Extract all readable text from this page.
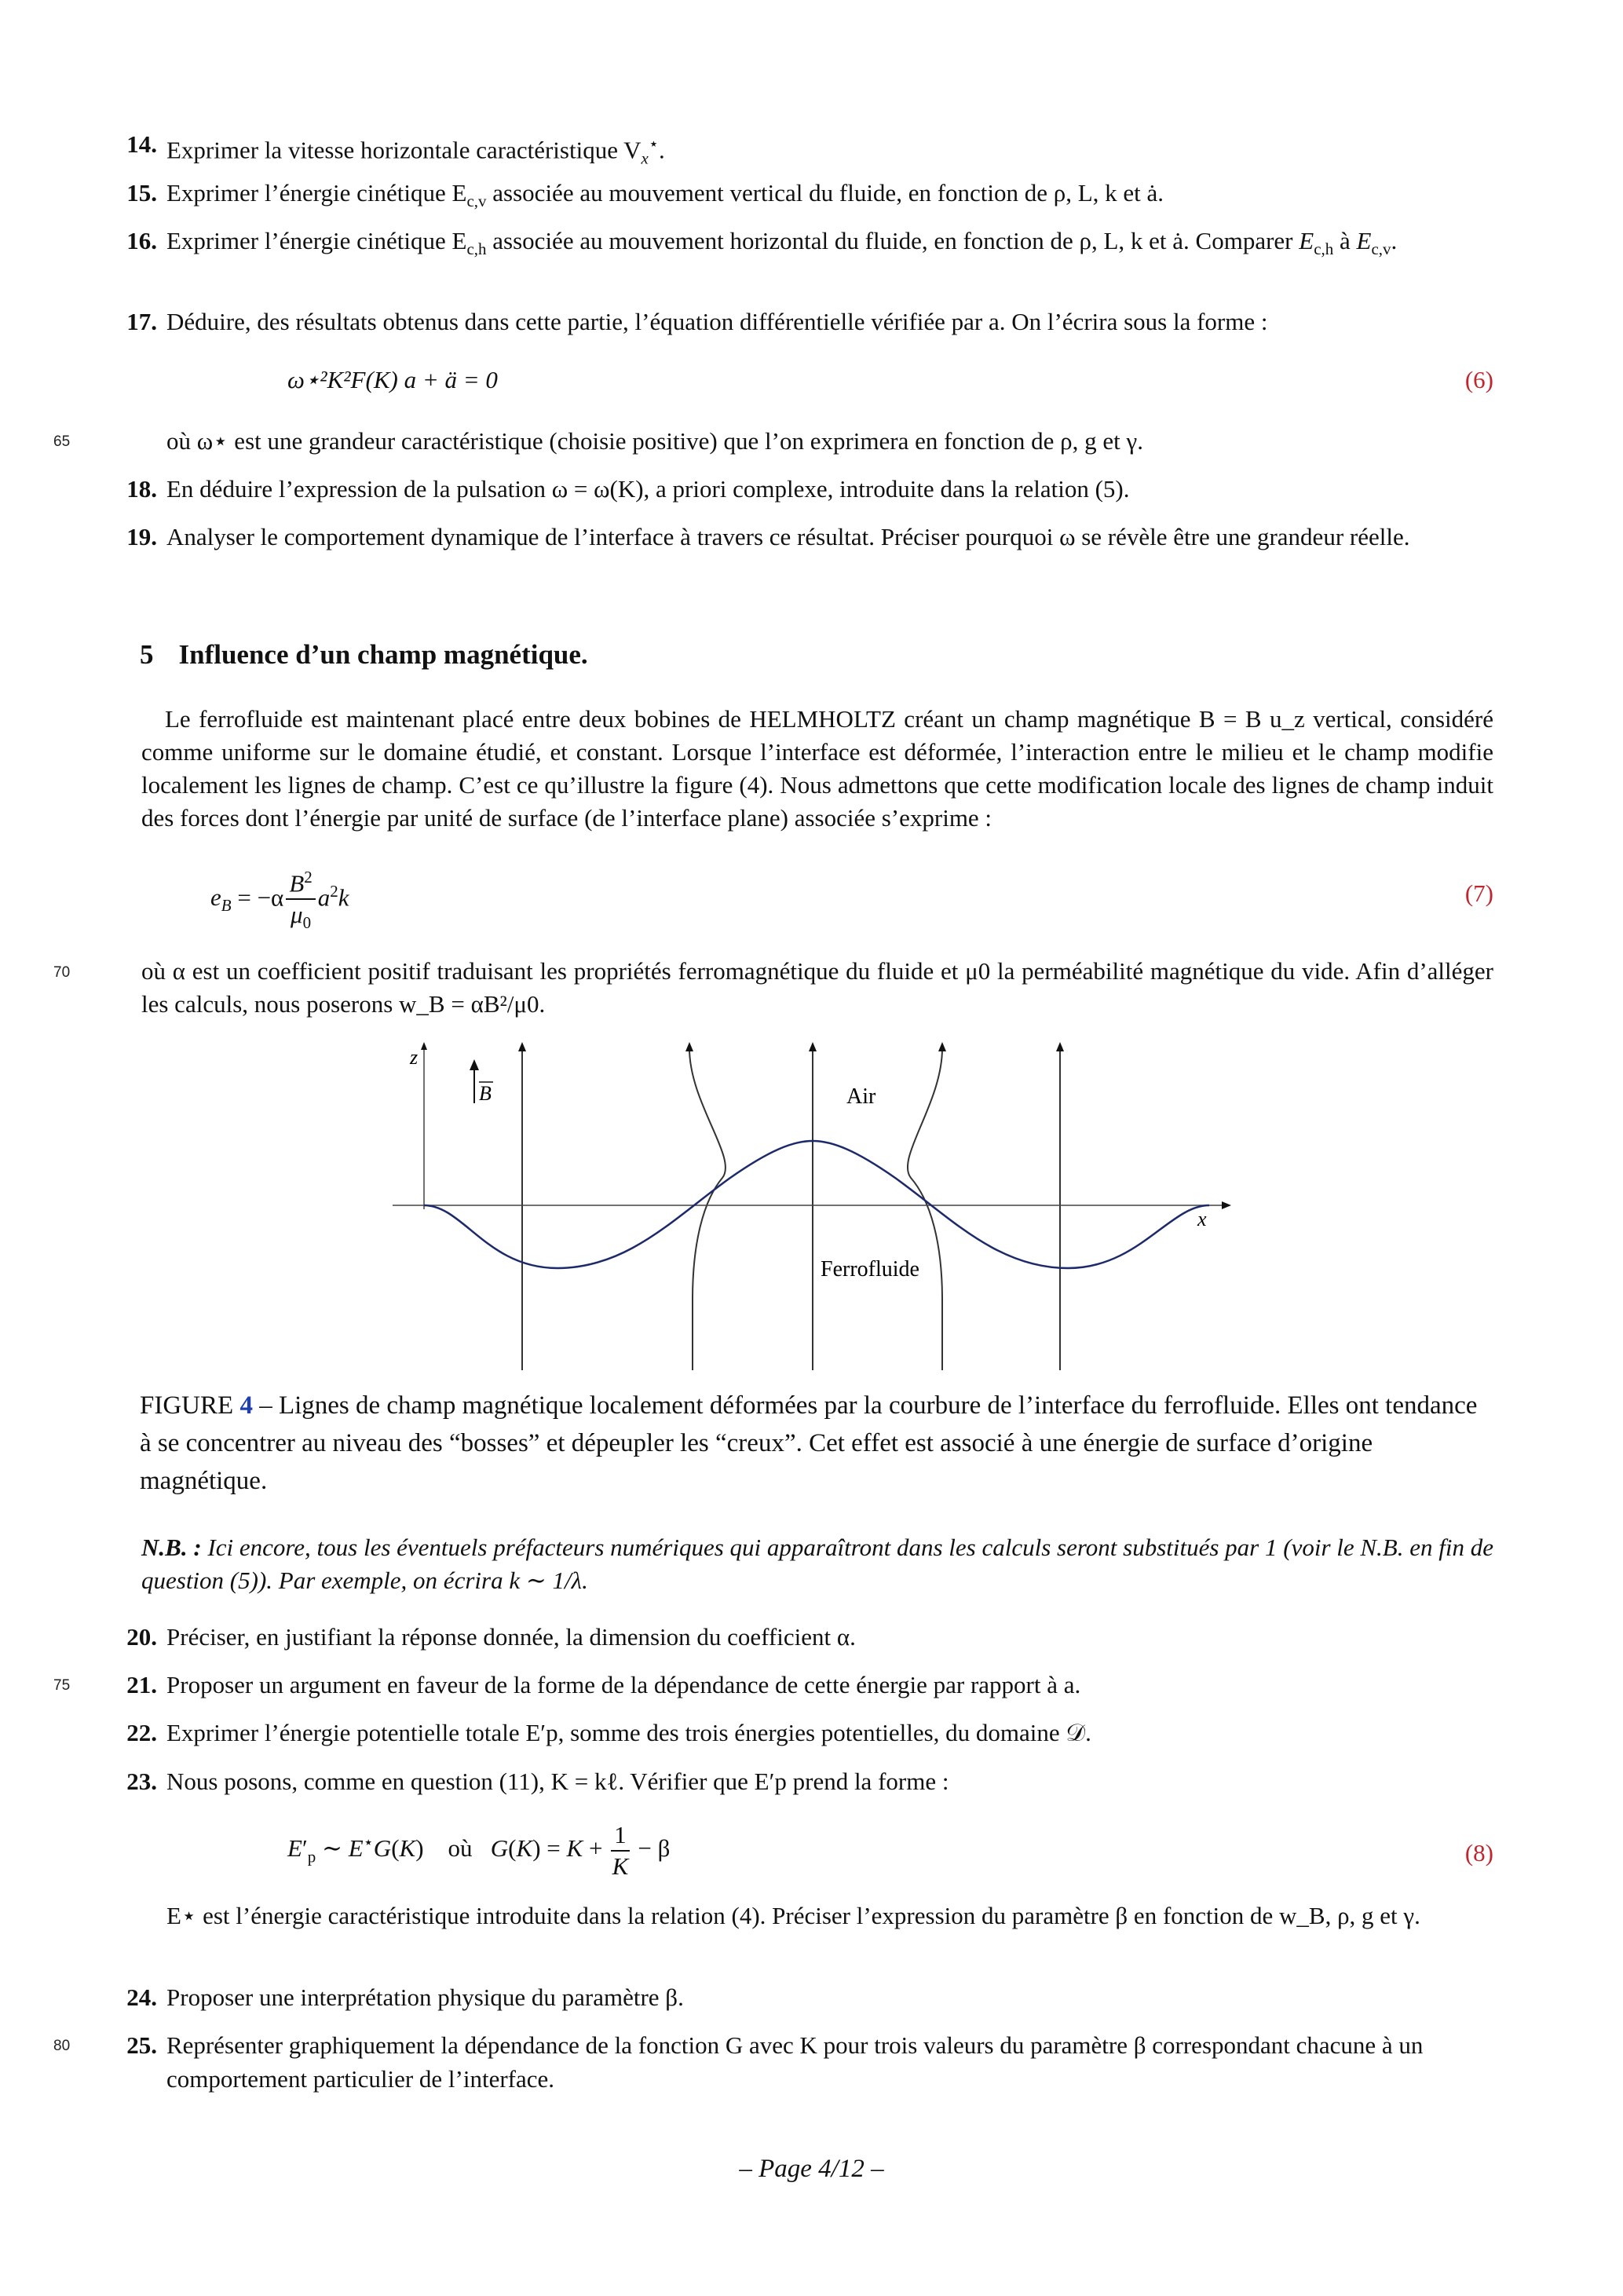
14. Exprimer la vitesse horizontale caractéristique $V_x^⋆$.
15. Exprimer l’énergie cinétique $E_{c,v}$ associée au mouvement vertical du fluide, en fonction de ρ, L, k et ȧ.
16. Exprimer l’énergie cinétique $E_{c,h}$ associée au mouvement horizontal du fluide, en fonction de ρ, L, k et ȧ. Comparer $E_{c,h}$ à $E_{c,v}$.
17. Déduire, des résultats obtenus dans cette partie, l’équation différentielle vérifiée par a. On l’écrira sous la forme :
ω⋆²K²F(K) a + ä = 0	(6)
65	où ω⋆ est une grandeur caractéristique (choisie positive) que l’on exprimera en fonction de ρ, g et γ.
18. En déduire l’expression de la pulsation ω = ω(K), a priori complexe, introduite dans la relation (5).
19. Analyser le comportement dynamique de l’interface à travers ce résultat. Préciser pourquoi ω se révèle être une grandeur réelle.
5 Influence d’un champ magnétique.
Le ferrofluide est maintenant placé entre deux bobines de HELMHOLTZ créant un champ magnétique B = B u_z vertical, considéré comme uniforme sur le domaine étudié, et constant. Lorsque l’interface est déformée, l’interaction entre le milieu et le champ modifie localement les lignes de champ. C’est ce qu’illustre la figure (4). Nous admettons que cette modification locale des lignes de champ induit des forces dont l’énergie par unité de surface (de l’interface plane) associée s’exprime :
$e_B = -\alpha \frac{B^2}{\mu_0} a^2k$	(7)
70	où α est un coefficient positif traduisant les propriétés ferromagnétique du fluide et μ0 la perméabilité magnétique du vide. Afin d’alléger les calculs, nous poserons w_B = αB²/μ0.
z
x
B	Air
Ferrofluide
FIGURE 4 – Lignes de champ magnétique localement déformées par la courbure de l’interface du ferrofluide. Elles ont tendance à se concentrer au niveau des “bosses” et dépeupler les “creux”. Cet effet est associé à une énergie de surface d’origine magnétique.
N.B. : Ici encore, tous les éventuels préfacteurs numériques qui apparaîtront dans les calculs seront substitués par 1 (voir le N.B. en fin de question (5)). Par exemple, on écrira k ∼ 1/λ.
20. Préciser, en justifiant la réponse donnée, la dimension du coefficient α.
75	21. Proposer un argument en faveur de la forme de la dépendance de cette énergie par rapport à a.
22. Exprimer l’énergie potentielle totale E′p, somme des trois énergies potentielles, du domaine 𝒟.
23. Nous posons, comme en question (11), K = kℓ. Vérifier que E′p prend la forme :
$E'_p$ ∼ E⋆G(K)    où   $G(K) = K + \frac{1}{K} - \beta$	(8)
E⋆ est l’énergie caractéristique introduite dans la relation (4). Préciser l’expression du paramètre β en fonction de w_B, ρ, g et γ.
24. Proposer une interprétation physique du paramètre β.
80	25. Représenter graphiquement la dépendance de la fonction G avec K pour trois valeurs du paramètre β correspondant chacune à un comportement particulier de l’interface.
– Page 4/12 –
